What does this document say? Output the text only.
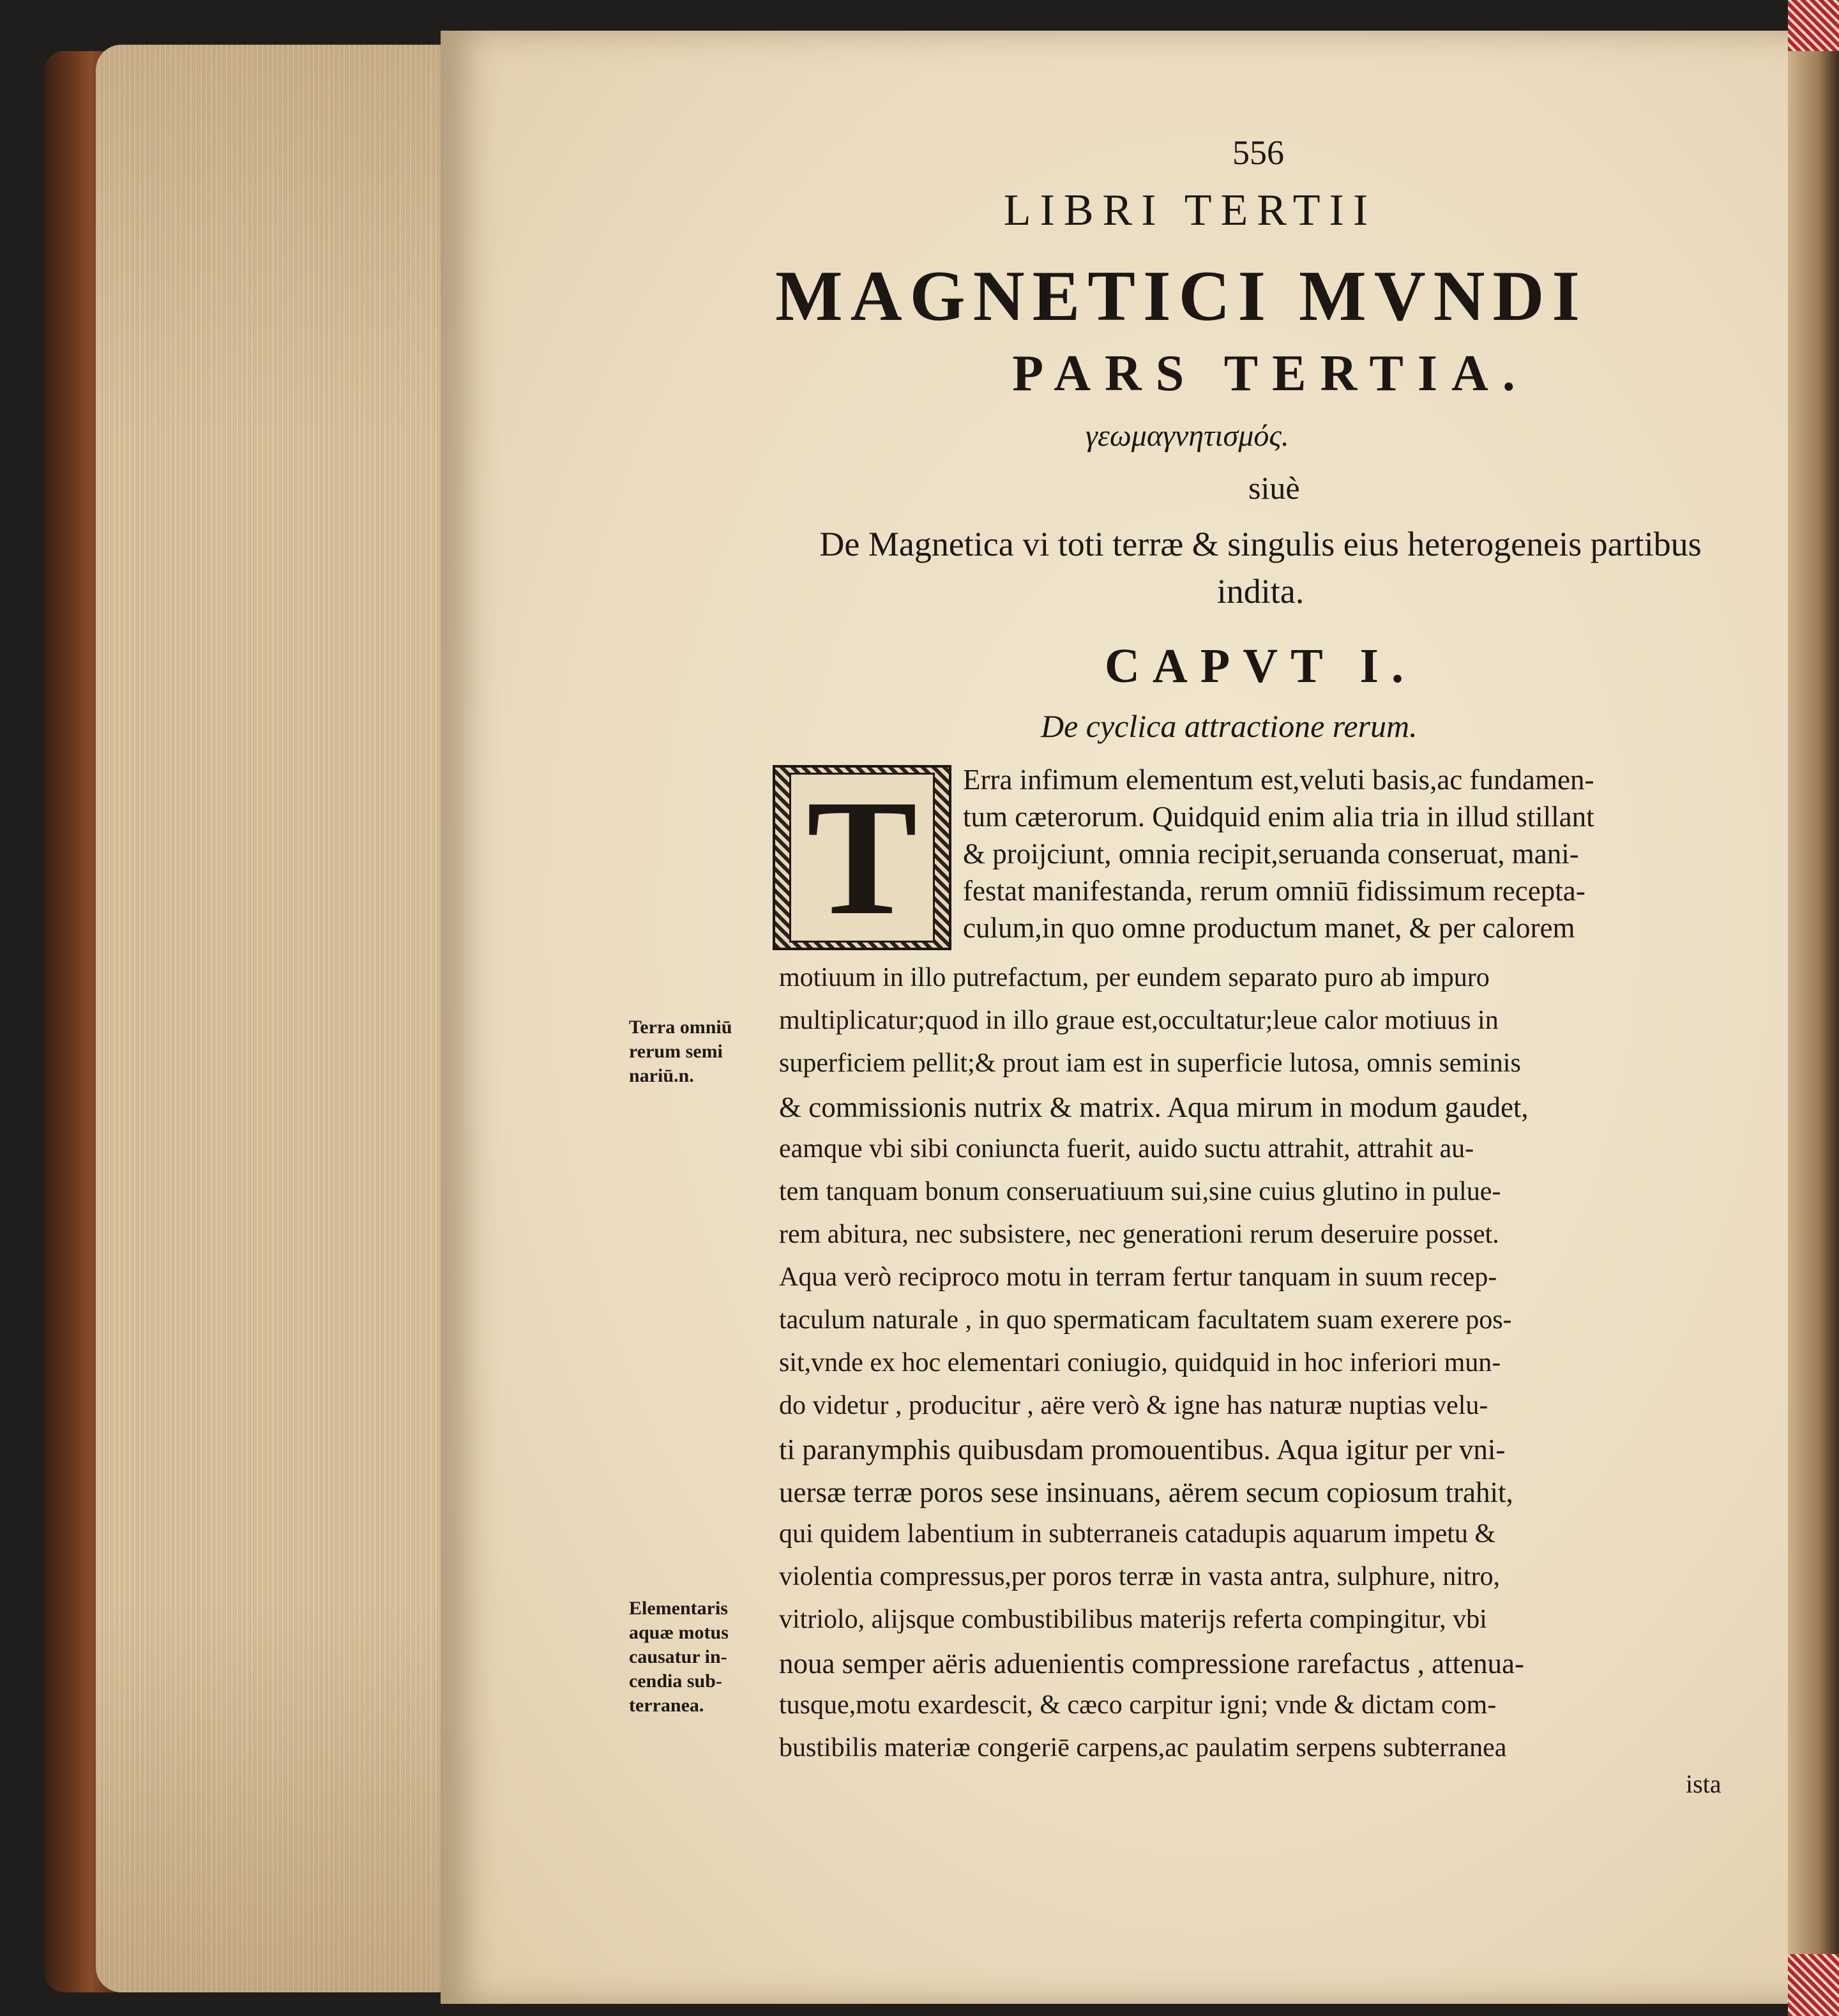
556
LIBRI TERTII
MAGNETICI MVNDI
PARS TERTIA.
γεωμαγνητισμός.
siuè
De Magnetica vi toti terræ & singulis eius heterogeneis partibus indita.
CAPVT I.
De cyclica attractione rerum.
T	Erra infimum elementum est,veluti basis,ac fundamen-
tum cæterorum. Quidquid enim alia tria in illud stillant
& proijciunt, omnia recipit,seruanda conseruat, mani-
festat manifestanda, rerum omniū fidissimum recepta-
culum,in quo omne productum manet, & per calorem
motiuum in illo putrefactum, per eundem separato puro ab impuro
multiplicatur;quod in illo graue est,occultatur;leue calor motiuus in
superficiem pellit;& prout iam est in superficie lutosa, omnis seminis
& commissionis nutrix & matrix. Aqua mirum in modum gaudet,
eamque vbi sibi coniuncta fuerit, auido suctu attrahit, attrahit au-
tem tanquam bonum conseruatiuum sui,sine cuius glutino in pulue-
rem abitura, nec subsistere, nec generationi rerum deseruire posset.
Aqua verò reciproco motu in terram fertur tanquam in suum recep-
taculum naturale , in quo spermaticam facultatem suam exerere pos-
sit,vnde ex hoc elementari coniugio, quidquid in hoc inferiori mun-
do videtur , producitur , aëre verò & igne has naturæ nuptias velu-
ti paranymphis quibusdam promouentibus. Aqua igitur per vni-
uersæ terræ poros sese insinuans, aërem secum copiosum trahit,
qui quidem labentium in subterraneis catadupis aquarum impetu &
violentia compressus,per poros terræ in vasta antra, sulphure, nitro,
vitriolo, alijsque combustibilibus materijs referta compingitur, vbi
noua semper aëris aduenientis compressione rarefactus , attenua-
tusque,motu exardescit, & cæco carpitur igni; vnde & dictam com-
bustibilis materiæ congeriē carpens,ac paulatim serpens subterranea
ista
Terra omniū
rerum semi
nariū.n.
Elementaris
aquæ motus
causatur in-
cendia sub-
terranea.
